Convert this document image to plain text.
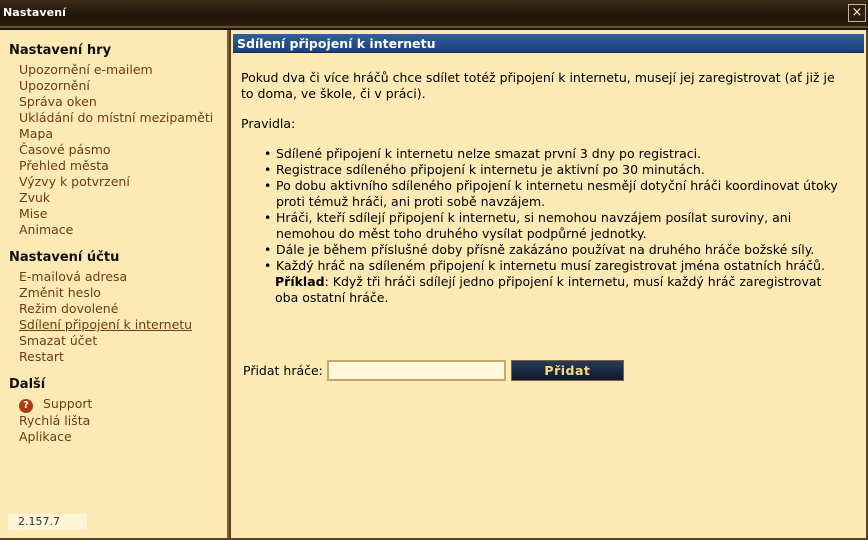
Nastavení	×
Nastavení hry
Upozornění e-mailem
Upozornění
Správa oken
Ukládání do místní mezipaměti
Mapa
Časové pásmo
Přehled města
Výzvy k potvrzení
Zvuk
Mise
Animace
Nastavení účtu
E-mailová adresa
Změnit heslo
Režim dovolené
Sdílení připojení k internetu
Smazat účet
Restart
Další
? Support
Rychlá lišta
Aplikace
2.157.7
Sdílení připojení k internetu

Pokud dva či více hráčů chce sdílet totéž připojení k internetu, musejí jej zaregistrovat (ať již je to doma, ve škole, či v práci).

Pravidla:

• Sdílené připojení k internetu nelze smazat první 3 dny po registraci.
• Registrace sdíleného připojení k internetu je aktivní po 30 minutách.
• Po dobu aktivního sdíleného připojení k internetu nesmějí dotyční hráči koordinovat útoky proti témuž hráči, ani proti sobě navzájem.
• Hráči, kteří sdílejí připojení k internetu, si nemohou navzájem posílat suroviny, ani nemohou do měst toho druhého vysílat podpůrné jednotky.
• Dále je během příslušné doby přísně zakázáno používat na druhého hráče božské síly.
• Každý hráč na sdíleném připojení k internetu musí zaregistrovat jména ostatních hráčů.
Příklad: Když tři hráči sdílejí jedno připojení k internetu, musí každý hráč zaregistrovat oba ostatní hráče.
Přidat hráče:	Přidat
